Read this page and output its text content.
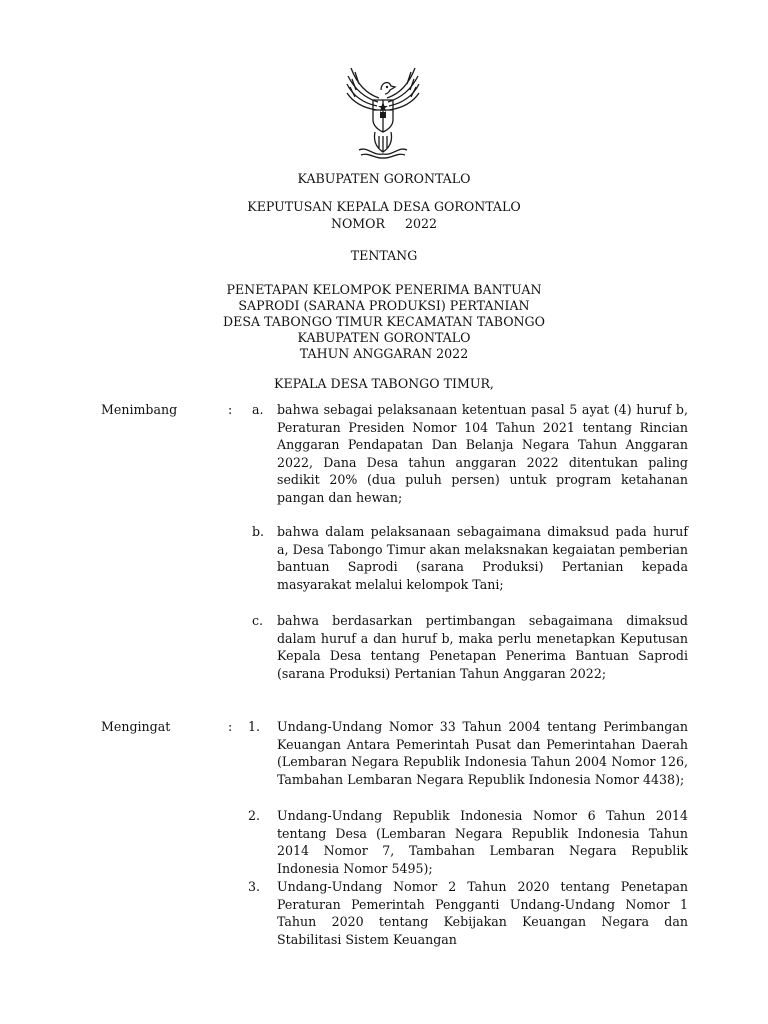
KABUPATEN GORONTALO
KEPUTUSAN KEPALA DESA GORONTALO
NOMOR     2022
TENTANG
PENETAPAN KELOMPOK PENERIMA BANTUAN
SAPRODI (SARANA PRODUKSI) PERTANIAN
DESA TABONGO TIMUR KECAMATAN TABONGO
KABUPATEN GORONTALO
TAHUN ANGGARAN 2022
KEPALA DESA TABONGO TIMUR,
Menimbang	: a.	bahwa sebagai pelaksanaan ketentuan pasal 5 ayat (4) huruf b, Peraturan Presiden Nomor 104 Tahun 2021 tentang Rincian Anggaran Pendapatan Dan Belanja Negara Tahun Anggaran 2022, Dana Desa tahun anggaran 2022 ditentukan paling sedikit 20% (dua puluh persen) untuk program ketahanan pangan dan hewan;
b.	bahwa dalam pelaksanaan sebagaimana dimaksud pada huruf a, Desa Tabongo Timur akan melaksnakan kegaiatan pemberian bantuan Saprodi (sarana Produksi) Pertanian kepada masyarakat melalui kelompok Tani;
c.	bahwa berdasarkan pertimbangan sebagaimana dimaksud dalam huruf a dan huruf b, maka perlu menetapkan Keputusan Kepala Desa tentang Penetapan Penerima Bantuan Saprodi (sarana Produksi) Pertanian Tahun Anggaran 2022;
Mengingat	: 1.	Undang-Undang Nomor 33 Tahun 2004 tentang Perimbangan Keuangan Antara Pemerintah Pusat dan Pemerintahan Daerah (Lembaran Negara Republik Indonesia Tahun 2004 Nomor 126, Tambahan Lembaran Negara Republik Indonesia Nomor 4438);
2.	Undang-Undang Republik Indonesia Nomor 6 Tahun 2014 tentang Desa (Lembaran Negara Republik Indonesia Tahun 2014 Nomor 7, Tambahan Lembaran Negara Republik Indonesia Nomor 5495);
3.	Undang-Undang Nomor 2 Tahun 2020 tentang Penetapan Peraturan Pemerintah Pengganti Undang-Undang Nomor 1 Tahun 2020 tentang Kebijakan Keuangan Negara dan Stabilitasi Sistem Keuangan
